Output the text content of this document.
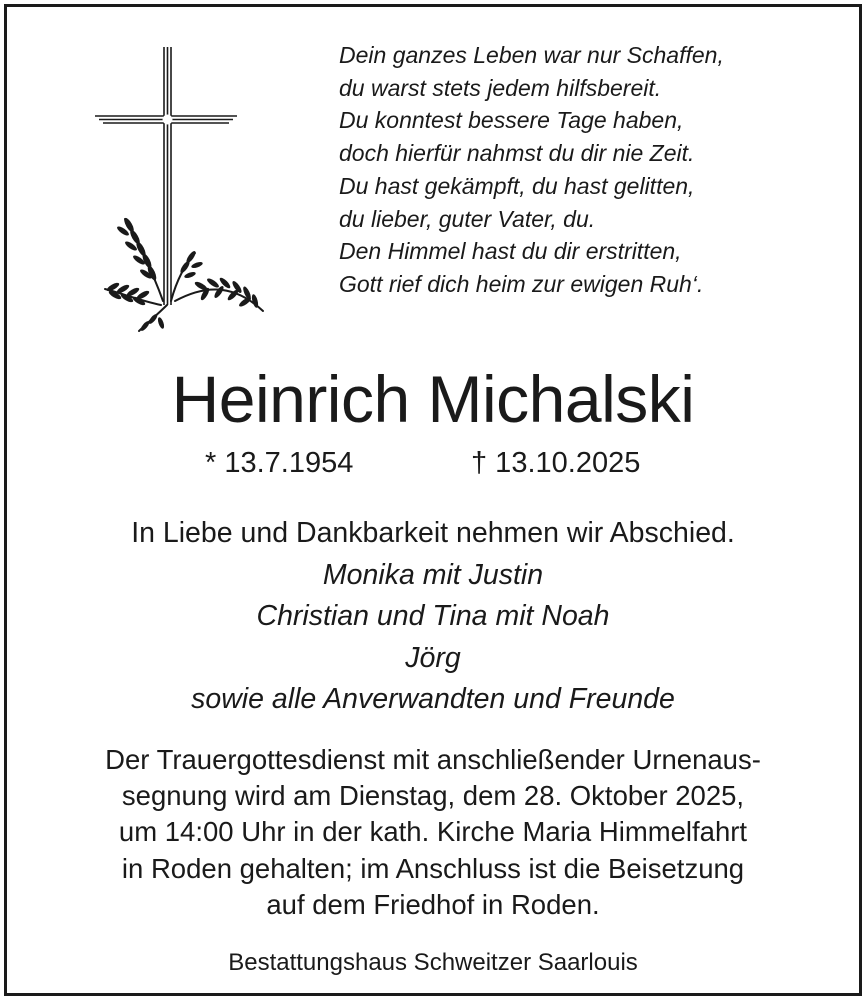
Dein ganzes Leben war nur Schaffen,
du warst stets jedem hilfsbereit.
Du konntest bessere Tage haben,
doch hierfür nahmst du dir nie Zeit.
Du hast gekämpft, du hast gelitten,
du lieber, guter Vater, du.
Den Himmel hast du dir erstritten,
Gott rief dich heim zur ewigen Ruh‘.
Heinrich Michalski
* 13.7.1954	† 13.10.2025
In Liebe und Dankbarkeit nehmen wir Abschied.
Monika mit Justin
Christian und Tina mit Noah
Jörg
sowie alle Anverwandten und Freunde
Der Trauergottesdienst mit anschließender Urnenaus-
segnung wird am Dienstag, dem 28. Oktober 2025,
um 14:00 Uhr in der kath. Kirche Maria Himmelfahrt
in Roden gehalten; im Anschluss ist die Beisetzung
auf dem Friedhof in Roden.
Bestattungshaus Schweitzer Saarlouis
